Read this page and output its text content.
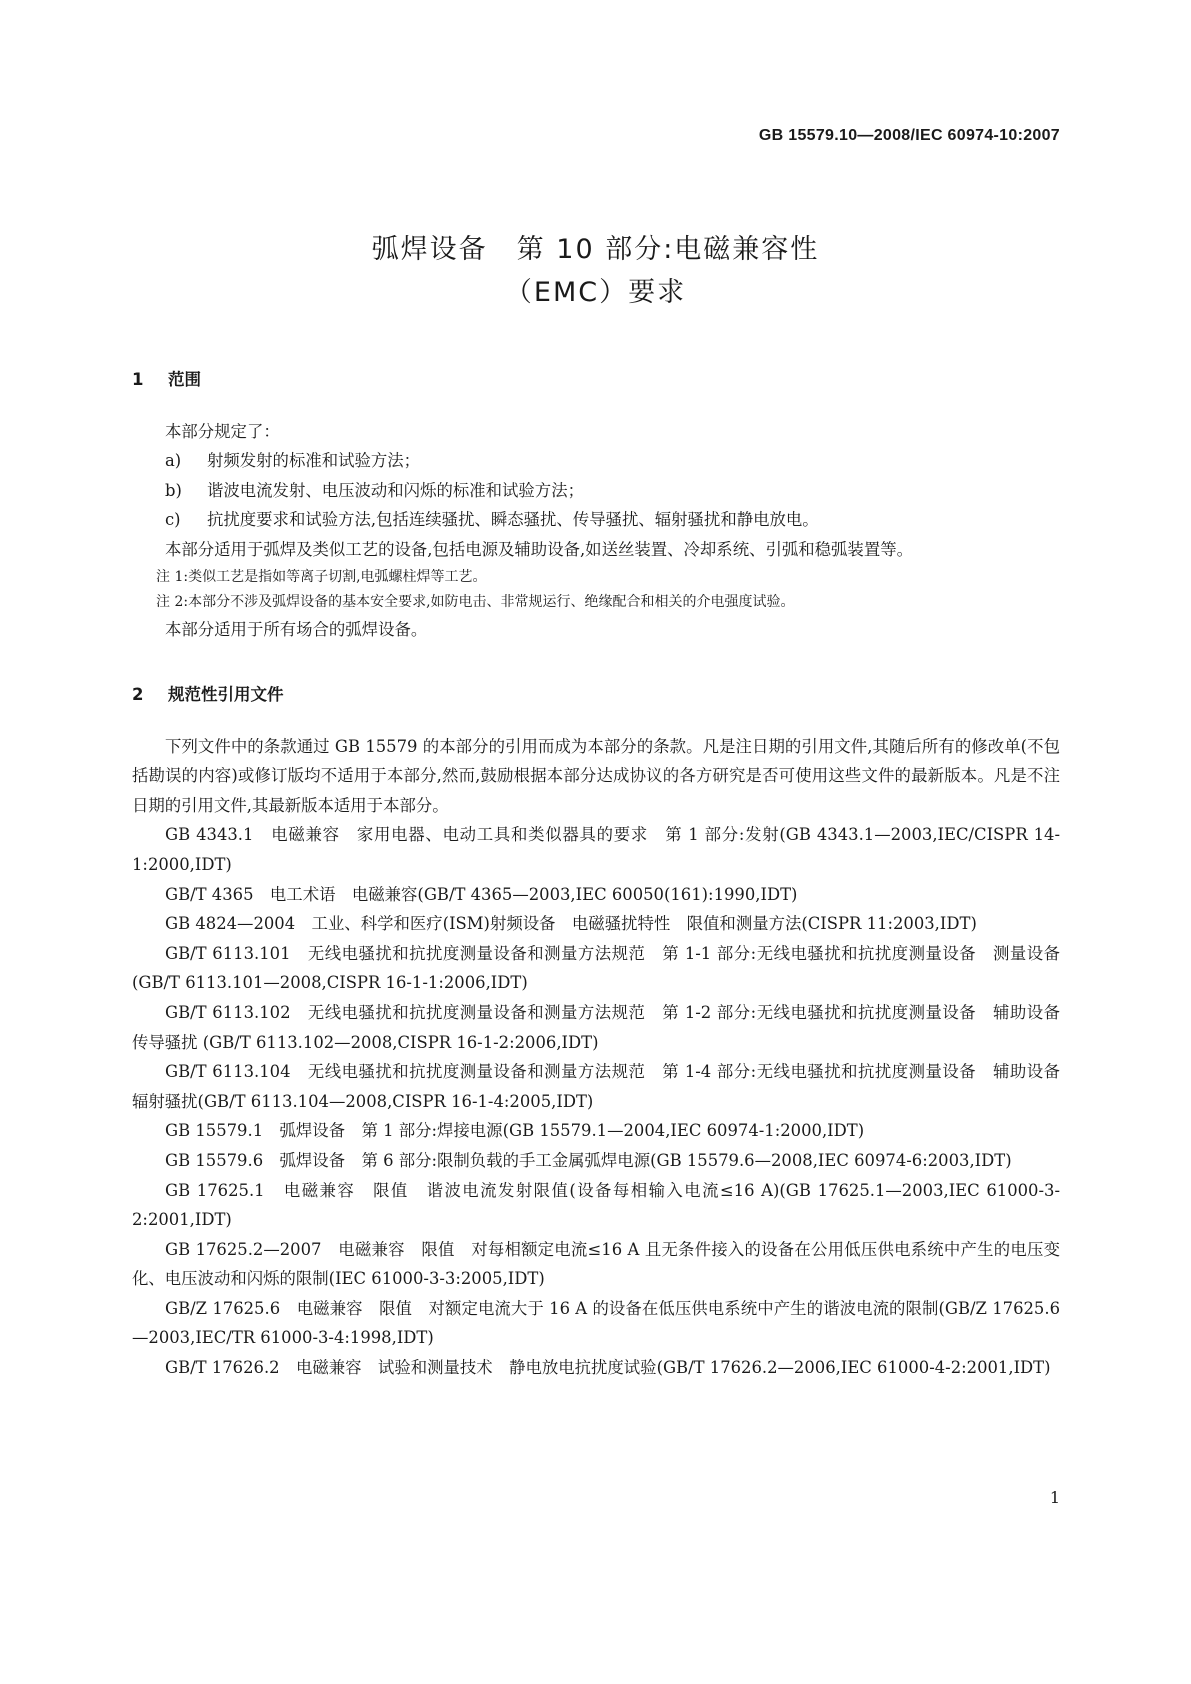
GB 15579.10—2008/IEC 60974-10:2007
弧焊设备　第 10 部分:电磁兼容性
（EMC）要求
1 范围

本部分规定了：

a) 射频发射的标准和试验方法；
b) 谐波电流发射、电压波动和闪烁的标准和试验方法；
c) 抗扰度要求和试验方法,包括连续骚扰、瞬态骚扰、传导骚扰、辐射骚扰和静电放电。

本部分适用于弧焊及类似工艺的设备,包括电源及辅助设备,如送丝装置、冷却系统、引弧和稳弧装置等。

注 1:类似工艺是指如等离子切割,电弧螺柱焊等工艺。
注 2:本部分不涉及弧焊设备的基本安全要求,如防电击、非常规运行、绝缘配合和相关的介电强度试验。

本部分适用于所有场合的弧焊设备。

2 规范性引用文件

下列文件中的条款通过 GB 15579 的本部分的引用而成为本部分的条款。凡是注日期的引用文件,其随后所有的修改单(不包括勘误的内容)或修订版均不适用于本部分,然而,鼓励根据本部分达成协议的各方研究是否可使用这些文件的最新版本。凡是不注日期的引用文件,其最新版本适用于本部分。

GB 4343.1　电磁兼容　家用电器、电动工具和类似器具的要求　第 1 部分:发射(GB 4343.1—2003,IEC/CISPR 14-1:2000,IDT)

GB/T 4365　电工术语　电磁兼容(GB/T 4365—2003,IEC 60050(161):1990,IDT)

GB 4824—2004　工业、科学和医疗(ISM)射频设备　电磁骚扰特性　限值和测量方法(CISPR 11:2003,IDT)

GB/T 6113.101　无线电骚扰和抗扰度测量设备和测量方法规范　第 1-1 部分:无线电骚扰和抗扰度测量设备　测量设备(GB/T 6113.101—2008,CISPR 16-1-1:2006,IDT)

GB/T 6113.102　无线电骚扰和抗扰度测量设备和测量方法规范　第 1-2 部分:无线电骚扰和抗扰度测量设备　辅助设备　传导骚扰 (GB/T 6113.102—2008,CISPR 16-1-2:2006,IDT)

GB/T 6113.104　无线电骚扰和抗扰度测量设备和测量方法规范　第 1-4 部分:无线电骚扰和抗扰度测量设备　辅助设备　辐射骚扰(GB/T 6113.104—2008,CISPR 16-1-4:2005,IDT)

GB 15579.1　弧焊设备　第 1 部分:焊接电源(GB 15579.1—2004,IEC 60974-1:2000,IDT)

GB 15579.6　弧焊设备　第 6 部分:限制负载的手工金属弧焊电源(GB 15579.6—2008,IEC 60974-6:2003,IDT)

GB 17625.1　电磁兼容　限值　谐波电流发射限值(设备每相输入电流≤16 A)(GB 17625.1—2003,IEC 61000-3-2:2001,IDT)

GB 17625.2—2007　电磁兼容　限值　对每相额定电流≤16 A 且无条件接入的设备在公用低压供电系统中产生的电压变化、电压波动和闪烁的限制(IEC 61000-3-3:2005,IDT)

GB/Z 17625.6　电磁兼容　限值　对额定电流大于 16 A 的设备在低压供电系统中产生的谐波电流的限制(GB/Z 17625.6—2003,IEC/TR 61000-3-4:1998,IDT)

GB/T 17626.2　电磁兼容　试验和测量技术　静电放电抗扰度试验(GB/T 17626.2—2006,IEC 61000-4-2:2001,IDT)

1
